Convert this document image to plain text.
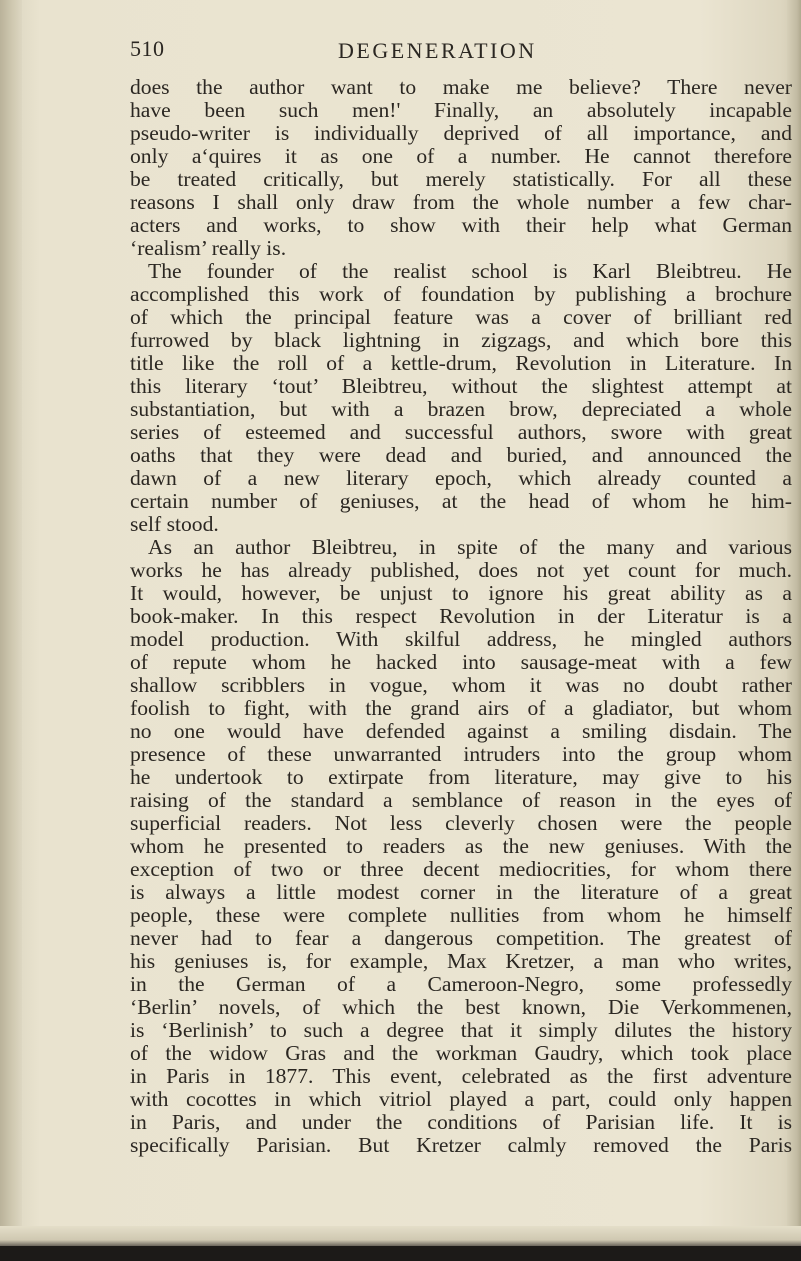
510	DEGENERATION
does the author want to make me believe? There never
have been such men!' Finally, an absolutely incapable
pseudo-writer is individually deprived of all importance, and
only aʻquires it as one of a number. He cannot therefore
be treated critically, but merely statistically. For all these
reasons I shall only draw from the whole number a few char-
acters and works, to show with their help what German
‘realism’ really is.
The founder of the realist school is Karl Bleibtreu. He
accomplished this work of foundation by publishing a brochure
of which the principal feature was a cover of brilliant red
furrowed by black lightning in zigzags, and which bore this
title like the roll of a kettle-drum, Revolution in Literature. In
this literary ‘tout’ Bleibtreu, without the slightest attempt at
substantiation, but with a brazen brow, depreciated a whole
series of esteemed and successful authors, swore with great
oaths that they were dead and buried, and announced the
dawn of a new literary epoch, which already counted a
certain number of geniuses, at the head of whom he him-
self stood.
As an author Bleibtreu, in spite of the many and various
works he has already published, does not yet count for much.
It would, however, be unjust to ignore his great ability as a
book-maker. In this respect Revolution in der Literatur is a
model production. With skilful address, he mingled authors
of repute whom he hacked into sausage-meat with a few
shallow scribblers in vogue, whom it was no doubt rather
foolish to fight, with the grand airs of a gladiator, but whom
no one would have defended against a smiling disdain. The
presence of these unwarranted intruders into the group whom
he undertook to extirpate from literature, may give to his
raising of the standard a semblance of reason in the eyes of
superficial readers. Not less cleverly chosen were the people
whom he presented to readers as the new geniuses. With the
exception of two or three decent mediocrities, for whom there
is always a little modest corner in the literature of a great
people, these were complete nullities from whom he himself
never had to fear a dangerous competition. The greatest of
his geniuses is, for example, Max Kretzer, a man who writes,
in the German of a Cameroon-Negro, some professedly
‘Berlin’ novels, of which the best known, Die Verkommenen,
is ‘Berlinish’ to such a degree that it simply dilutes the history
of the widow Gras and the workman Gaudry, which took place
in Paris in 1877. This event, celebrated as the first adventure
with cocottes in which vitriol played a part, could only happen
in Paris, and under the conditions of Parisian life. It is
specifically Parisian. But Kretzer calmly removed the Paris
